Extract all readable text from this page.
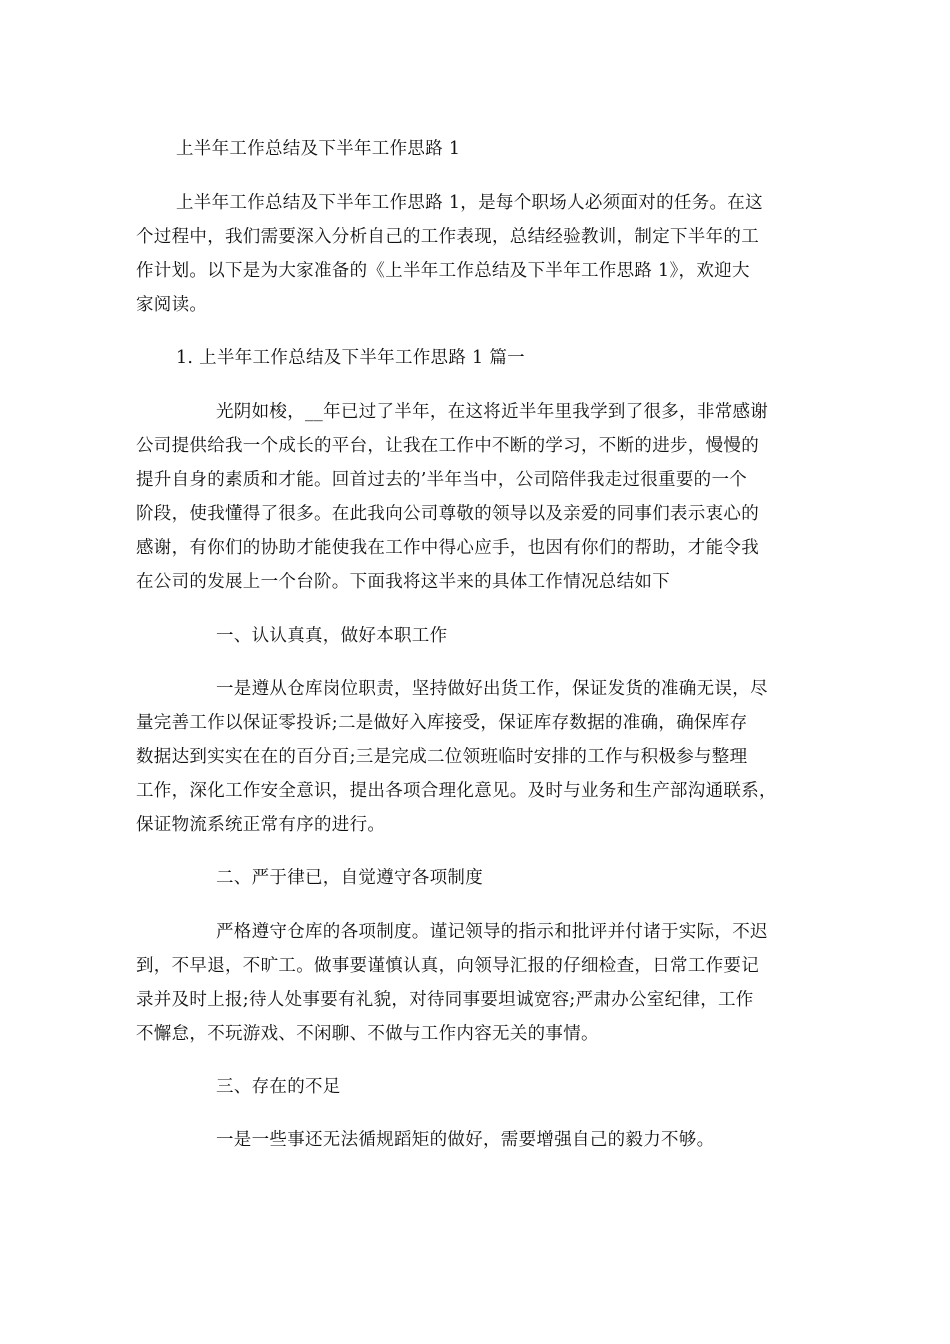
上半年工作总结及下半年工作思路 1
上半年工作总结及下半年工作思路 1，是每个职场人必须面对的任务。在这
个过程中，我们需要深入分析自己的工作表现，总结经验教训，制定下半年的工
作计划。以下是为大家准备的《上半年工作总结及下半年工作思路 1》，欢迎大
家阅读。
1. 上半年工作总结及下半年工作思路 1 篇一
光阴如梭，__年已过了半年，在这将近半年里我学到了很多，非常感谢
公司提供给我一个成长的平台，让我在工作中不断的学习，不断的进步，慢慢的
提升自身的素质和才能。回首过去的’半年当中，公司陪伴我走过很重要的一个
阶段，使我懂得了很多。在此我向公司尊敬的领导以及亲爱的同事们表示衷心的
感谢，有你们的协助才能使我在工作中得心应手，也因有你们的帮助，才能令我
在公司的发展上一个台阶。下面我将这半来的具体工作情况总结如下
一、认认真真，做好本职工作
一是遵从仓库岗位职责，坚持做好出货工作，保证发货的准确无误，尽
量完善工作以保证零投诉;二是做好入库接受，保证库存数据的准确，确保库存
数据达到实实在在的百分百;三是完成二位领班临时安排的工作与积极参与整理
工作，深化工作安全意识，提出各项合理化意见。及时与业务和生产部沟通联系，
保证物流系统正常有序的进行。
二、严于律已，自觉遵守各项制度
严格遵守仓库的各项制度。谨记领导的指示和批评并付诸于实际，不迟
到，不早退，不旷工。做事要谨慎认真，向领导汇报的仔细检查，日常工作要记
录并及时上报;待人处事要有礼貌，对待同事要坦诚宽容;严肃办公室纪律，工作
不懈怠，不玩游戏、不闲聊、不做与工作内容无关的事情。
三、存在的不足
一是一些事还无法循规蹈矩的做好，需要增强自己的毅力不够。
